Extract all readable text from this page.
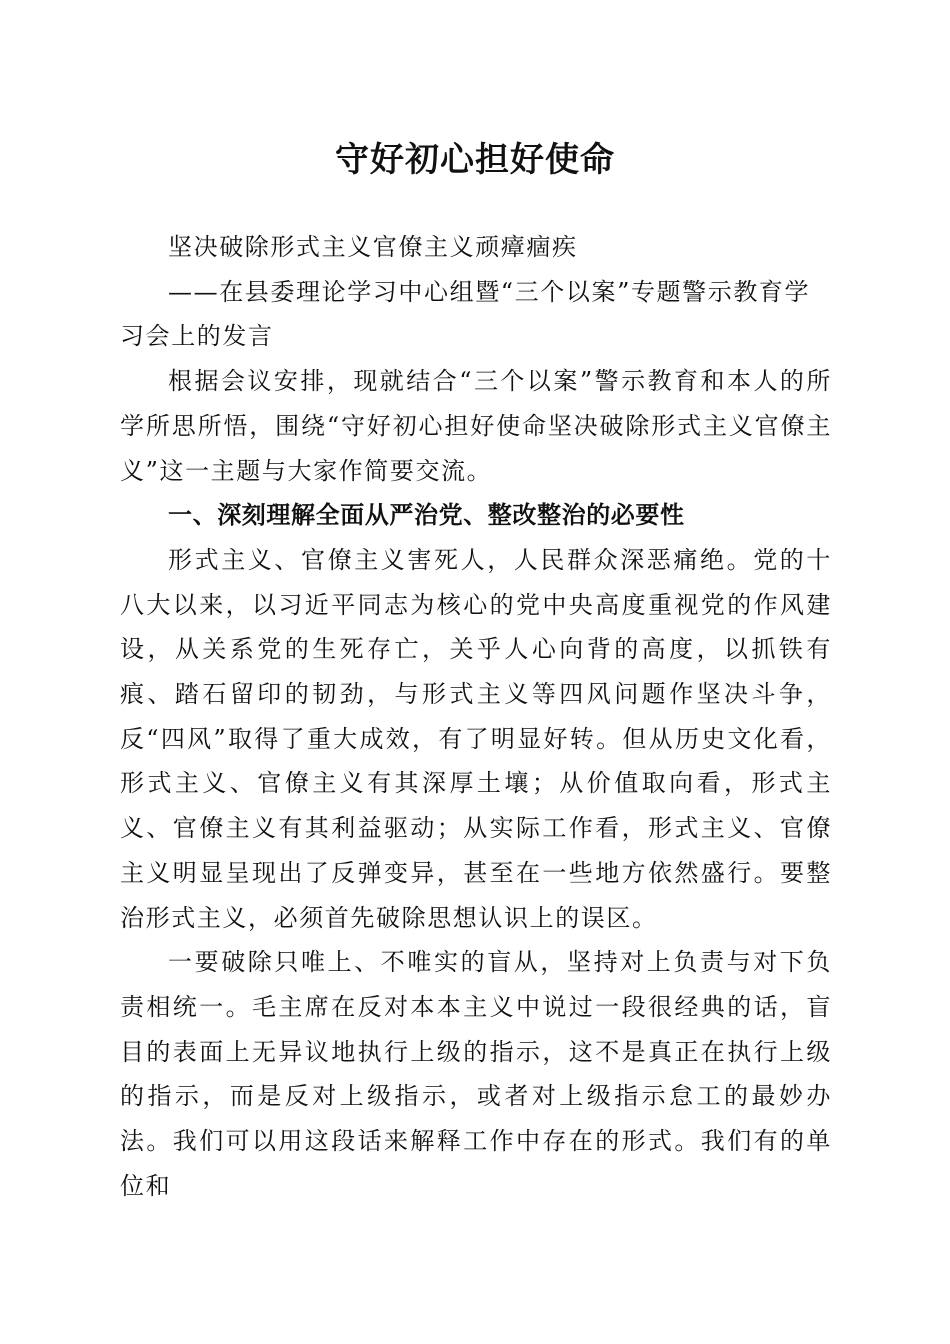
守好初心担好使命

坚决破除形式主义官僚主义顽瘴痼疾

——在县委理论学习中心组暨“三个以案”专题警示教育学

习会上的发言

根据会议安排，现就结合“三个以案”警示教育和本人的所学所思所悟，围绕“守好初心担好使命坚决破除形式主义官僚主义”这一主题与大家作简要交流。

一、深刻理解全面从严治党、整改整治的必要性

形式主义、官僚主义害死人，人民群众深恶痛绝。党的十八大以来，以习近平同志为核心的党中央高度重视党的作风建设，从关系党的生死存亡，关乎人心向背的高度，以抓铁有痕、踏石留印的韧劲，与形式主义等四风问题作坚决斗争，反“四风”取得了重大成效，有了明显好转。但从历史文化看，形式主义、官僚主义有其深厚土壤；从价值取向看，形式主义、官僚主义有其利益驱动；从实际工作看，形式主义、官僚主义明显呈现出了反弹变异，甚至在一些地方依然盛行。要整治形式主义，必须首先破除思想认识上的误区。

一要破除只唯上、不唯实的盲从，坚持对上负责与对下负责相统一。毛主席在反对本本主义中说过一段很经典的话，盲目的表面上无异议地执行上级的指示，这不是真正在执行上级的指示，而是反对上级指示，或者对上级指示怠工的最妙办法。我们可以用这段话来解释工作中存在的形式。我们有的单位和
